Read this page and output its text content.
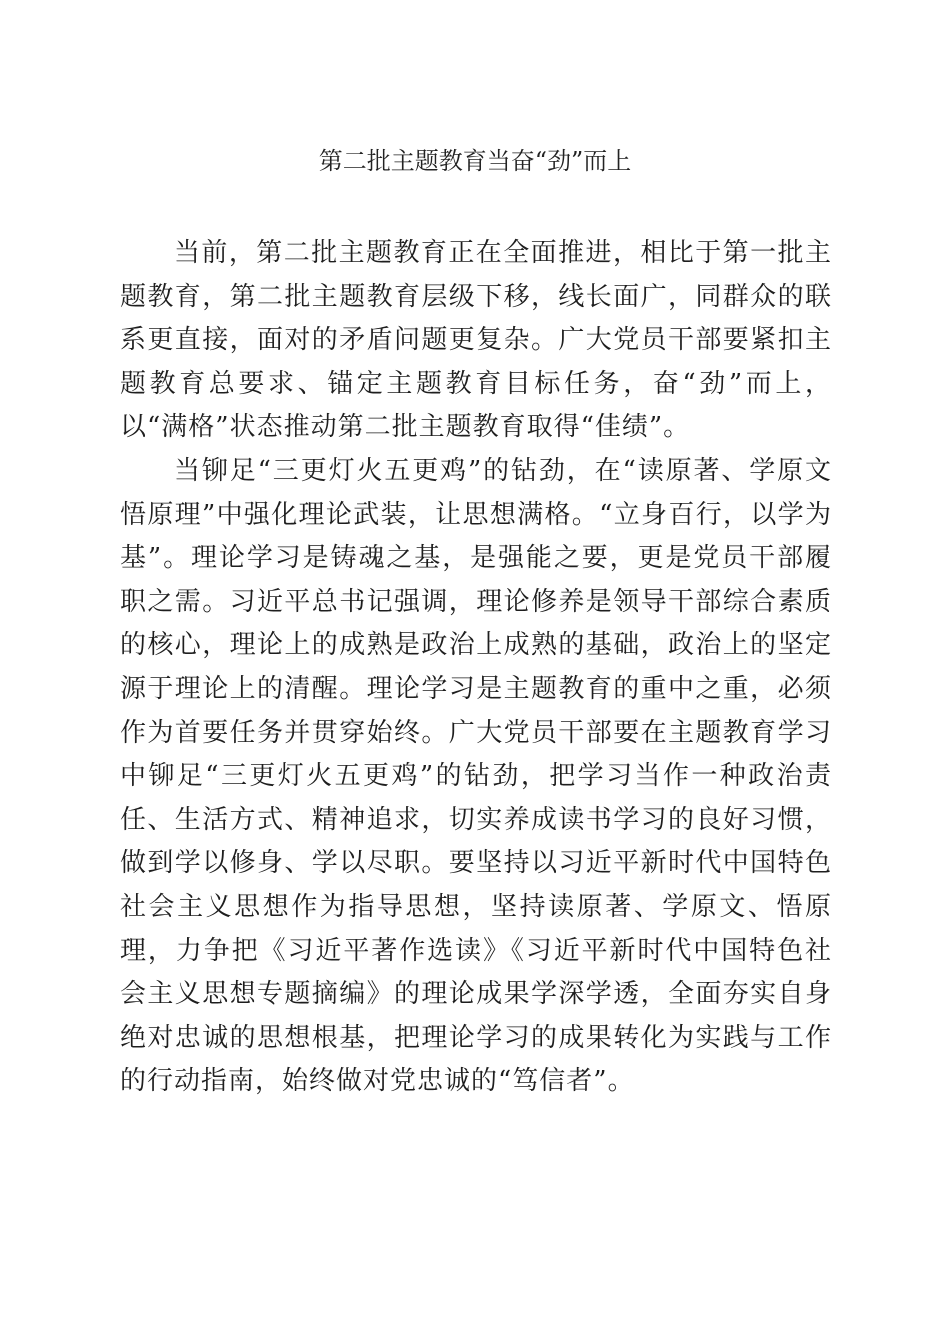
第二批主题教育当奋“劲”而上

当前，第二批主题教育正在全面推进，相比于第一批主题教育，第二批主题教育层级下移，线长面广，同群众的联系更直接，面对的矛盾问题更复杂。广大党员干部要紧扣主题教育总要求、锚定主题教育目标任务，奋“劲”而上，以“满格”状态推动第二批主题教育取得“佳绩”。

当铆足“三更灯火五更鸡”的钻劲，在“读原著、学原文悟原理”中强化理论武装，让思想满格。“立身百行，以学为基”。理论学习是铸魂之基，是强能之要，更是党员干部履职之需。习近平总书记强调，理论修养是领导干部综合素质的核心，理论上的成熟是政治上成熟的基础，政治上的坚定源于理论上的清醒。理论学习是主题教育的重中之重，必须作为首要任务并贯穿始终。广大党员干部要在主题教育学习中铆足“三更灯火五更鸡”的钻劲，把学习当作一种政治责任、生活方式、精神追求，切实养成读书学习的良好习惯，做到学以修身、学以尽职。要坚持以习近平新时代中国特色社会主义思想作为指导思想，坚持读原著、学原文、悟原理，力争把《习近平著作选读》《习近平新时代中国特色社会主义思想专题摘编》的理论成果学深学透，全面夯实自身绝对忠诚的思想根基，把理论学习的成果转化为实践与工作的行动指南，始终做对党忠诚的“笃信者”。
